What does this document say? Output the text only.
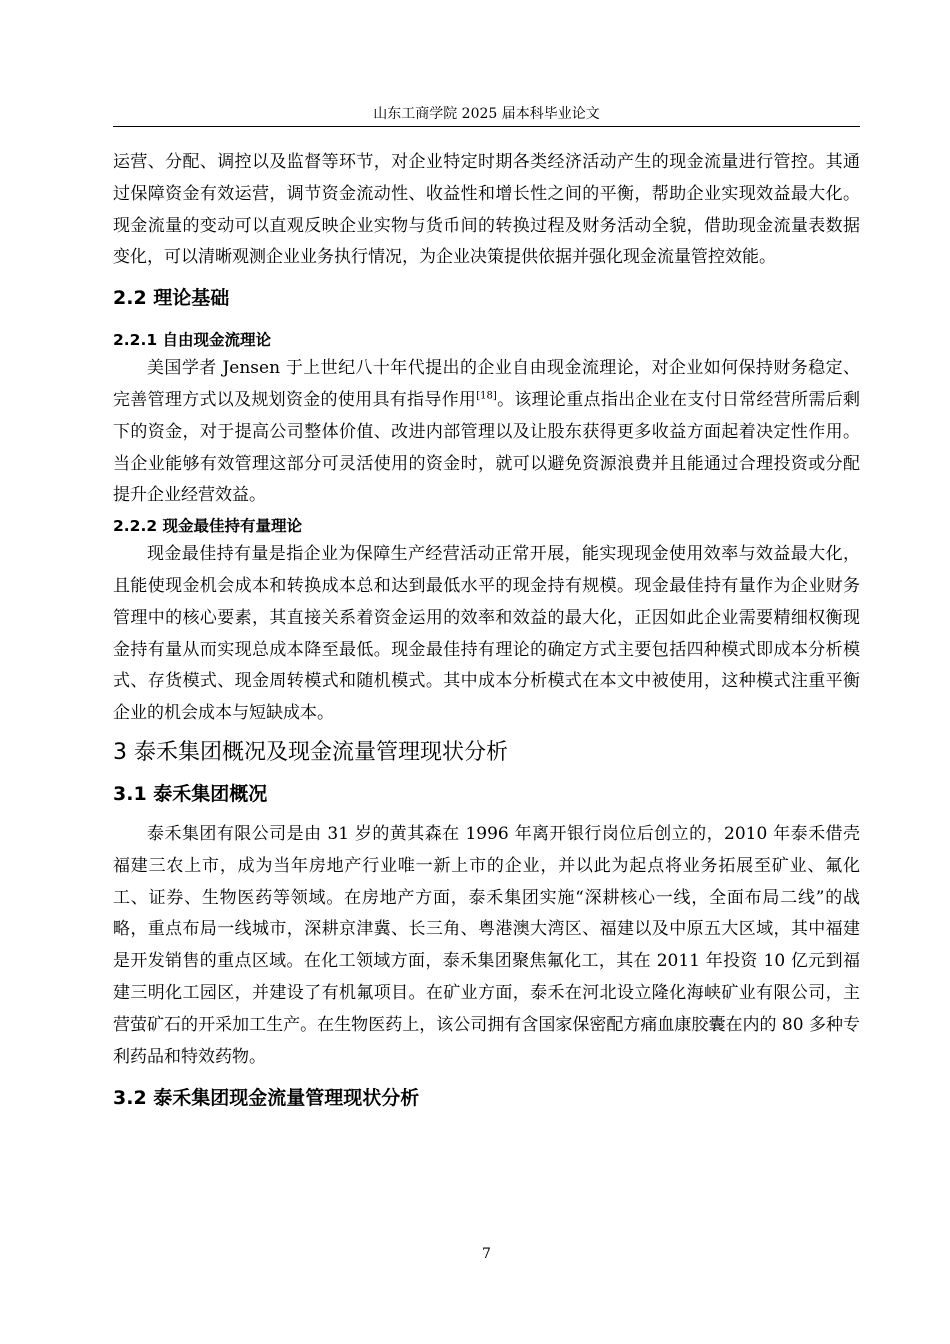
山东工商学院 2025 届本科毕业论文

运营、分配、调控以及监督等环节，对企业特定时期各类经济活动产生的现金流量进行管控。其通过保障资金有效运营，调节资金流动性、收益性和增长性之间的平衡，帮助企业实现效益最大化。现金流量的变动可以直观反映企业实物与货币间的转换过程及财务活动全貌，借助现金流量表数据变化，可以清晰观测企业业务执行情况，为企业决策提供依据并强化现金流量管控效能。

2.2 理论基础
2.2.1 自由现金流理论

美国学者 Jensen 于上世纪八十年代提出的企业自由现金流理论，对企业如何保持财务稳定、完善管理方式以及规划资金的使用具有指导作用[18]。该理论重点指出企业在支付日常经营所需后剩下的资金，对于提高公司整体价值、改进内部管理以及让股东获得更多收益方面起着决定性作用。当企业能够有效管理这部分可灵活使用的资金时，就可以避免资源浪费并且能通过合理投资或分配提升企业经营效益。

2.2.2 现金最佳持有量理论

现金最佳持有量是指企业为保障生产经营活动正常开展，能实现现金使用效率与效益最大化，且能使现金机会成本和转换成本总和达到最低水平的现金持有规模。现金最佳持有量作为企业财务管理中的核心要素，其直接关系着资金运用的效率和效益的最大化，正因如此企业需要精细权衡现金持有量从而实现总成本降至最低。现金最佳持有理论的确定方式主要包括四种模式即成本分析模式、存货模式、现金周转模式和随机模式。其中成本分析模式在本文中被使用，这种模式注重平衡企业的机会成本与短缺成本。

3 泰禾集团概况及现金流量管理现状分析
3.1 泰禾集团概况

泰禾集团有限公司是由 31 岁的黄其森在 1996 年离开银行岗位后创立的，2010 年泰禾借壳福建三农上市，成为当年房地产行业唯一新上市的企业，并以此为起点将业务拓展至矿业、氟化工、证券、生物医药等领域。在房地产方面，泰禾集团实施“深耕核心一线，全面布局二线”的战略，重点布局一线城市，深耕京津冀、长三角、粤港澳大湾区、福建以及中原五大区域，其中福建是开发销售的重点区域。在化工领域方面，泰禾集团聚焦氟化工，其在 2011 年投资 10 亿元到福建三明化工园区，并建设了有机氟项目。在矿业方面，泰禾在河北设立隆化海峡矿业有限公司，主营萤矿石的开采加工生产。在生物医药上，该公司拥有含国家保密配方痛血康胶囊在内的 80 多种专利药品和特效药物。

3.2 泰禾集团现金流量管理现状分析
7
